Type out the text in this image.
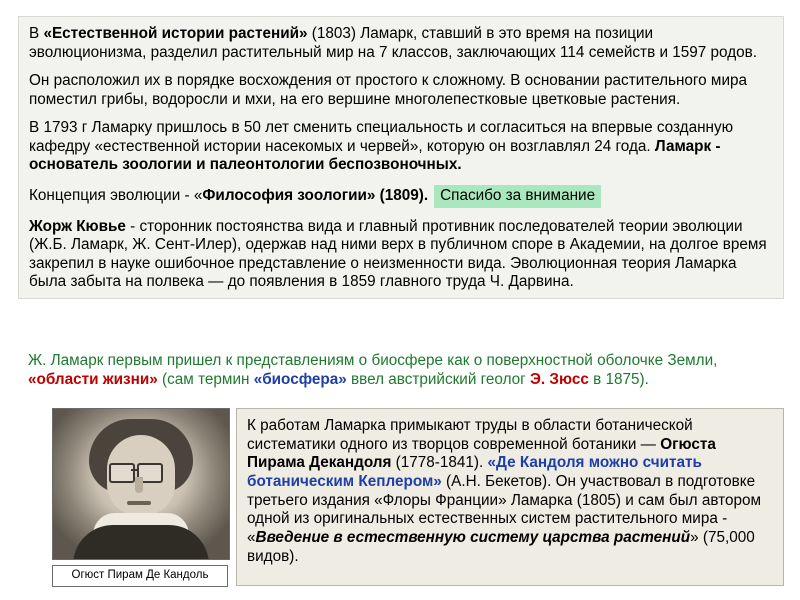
В «Естественной истории растений» (1803) Ламарк, ставший в это время на позиции эволюционизма, разделил растительный мир на 7 классов, заключающих 114 семейств и 1597 родов.

Он расположил их в порядке восхождения от простого к сложному. В основании растительного мира поместил грибы, водоросли и мхи, на его вершине многолепестковые цветковые растения.

В 1793 г Ламарку пришлось в 50 лет сменить специальность и согласиться на впервые созданную кафедру «естественной истории насекомых и червей», которую он возглавлял 24 года. Ламарк - основатель зоологии и палеонтологии беспозвоночных.

Концепция эволюции - « Философия зоологии» (1809). Спасибо за внимание

Жорж Кювье - сторонник постоянства вида и главный противник последователей теории эволюции (Ж.Б. Ламарк, Ж. Сент-Илер), одержав над ними верх в публичном споре в Академии, на долгое время закрепил в науке ошибочное представление о неизменности вида. Эволюционная теория Ламарка была забыта на полвека — до появления в 1859 главного труда Ч. Дарвина.

Ж. Ламарк первым пришел к представлениям о биосфере как о поверхностной оболочке Земли, «области жизни» (сам термин «биосфера» ввел австрийский геолог Э. Зюсс в 1875).
Огюст Пирам Де Кандоль
К работам Ламарка примыкают труды в области ботанической систематики одного из творцов современной ботаники — Огюста Пирама Декандоля (1778-1841). «Де Кандоля можно считать ботаническим Кеплером» (А.Н. Бекетов). Он участвовал в подготовке третьего издания «Флоры Франции» Ламарка (1805) и сам был автором одной из оригинальных естественных систем растительного мира - «Введение в естественную систему царства растений» (75,000 видов).
